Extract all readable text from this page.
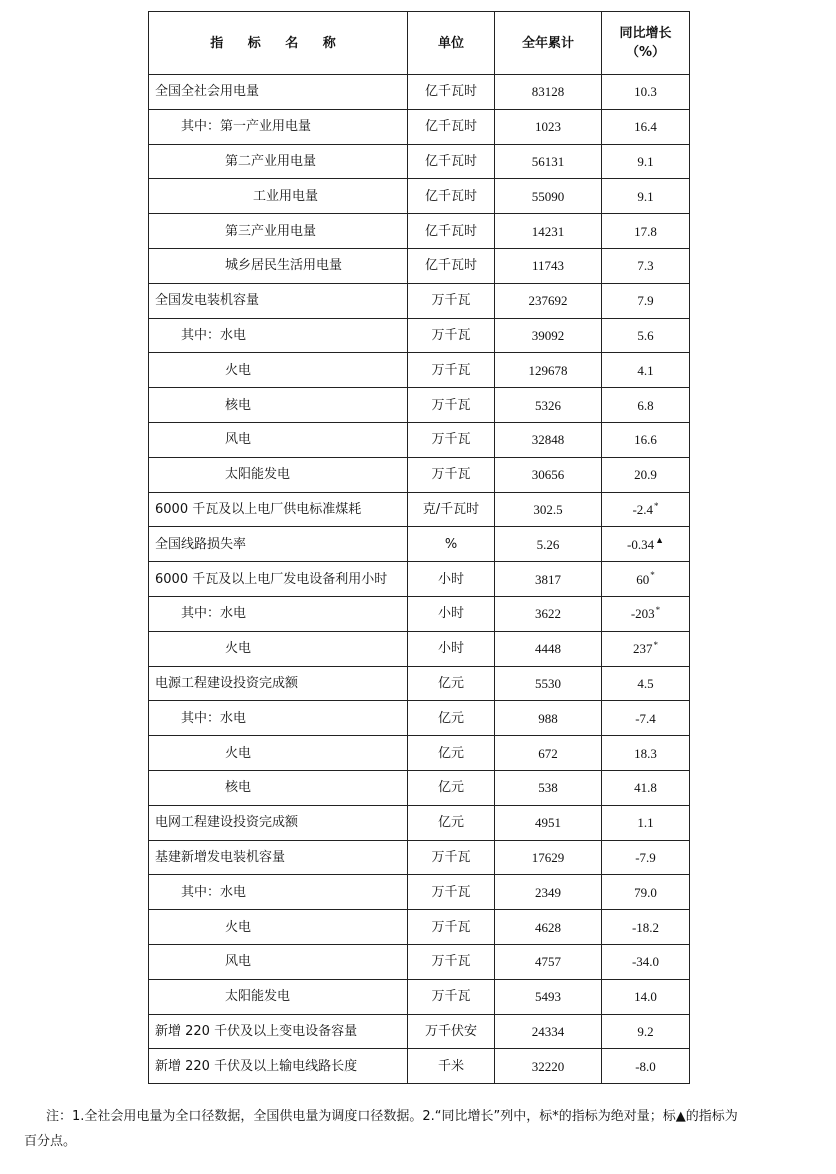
指 标 名 称	单位	全年累计	同比增长
（%）

全国全社会用电量	亿千瓦时	83128	10.3
其中：第一产业用电量	亿千瓦时	1023	16.4
第二产业用电量	亿千瓦时	56131	9.1
工业用电量	亿千瓦时	55090	9.1
第三产业用电量	亿千瓦时	14231	17.8
城乡居民生活用电量	亿千瓦时	11743	7.3
全国发电装机容量	万千瓦	237692	7.9
其中：水电	万千瓦	39092	5.6
火电	万千瓦	129678	4.1
核电	万千瓦	5326	6.8
风电	万千瓦	32848	16.6
太阳能发电	万千瓦	30656	20.9
6000 千瓦及以上电厂供电标准煤耗	克/千瓦时	302.5	-2.4*
全国线路损失率	%	5.26	-0.34▲
6000 千瓦及以上电厂发电设备利用小时	小时	3817	60*
其中：水电	小时	3622	-203*
火电	小时	4448	237*
电源工程建设投资完成额	亿元	5530	4.5
其中：水电	亿元	988	-7.4
火电	亿元	672	18.3
核电	亿元	538	41.8
电网工程建设投资完成额	亿元	4951	1.1
基建新增发电装机容量	万千瓦	17629	-7.9
其中：水电	万千瓦	2349	79.0
火电	万千瓦	4628	-18.2
风电	万千瓦	4757	-34.0
太阳能发电	万千瓦	5493	14.0
新增 220 千伏及以上变电设备容量	万千伏安	24334	9.2
新增 220 千伏及以上输电线路长度	千米	32220	-8.0
注：1.全社会用电量为全口径数据，全国供电量为调度口径数据。2.“同比增长”列中，标*的指标为绝对量；标▲的指标为
百分点。
